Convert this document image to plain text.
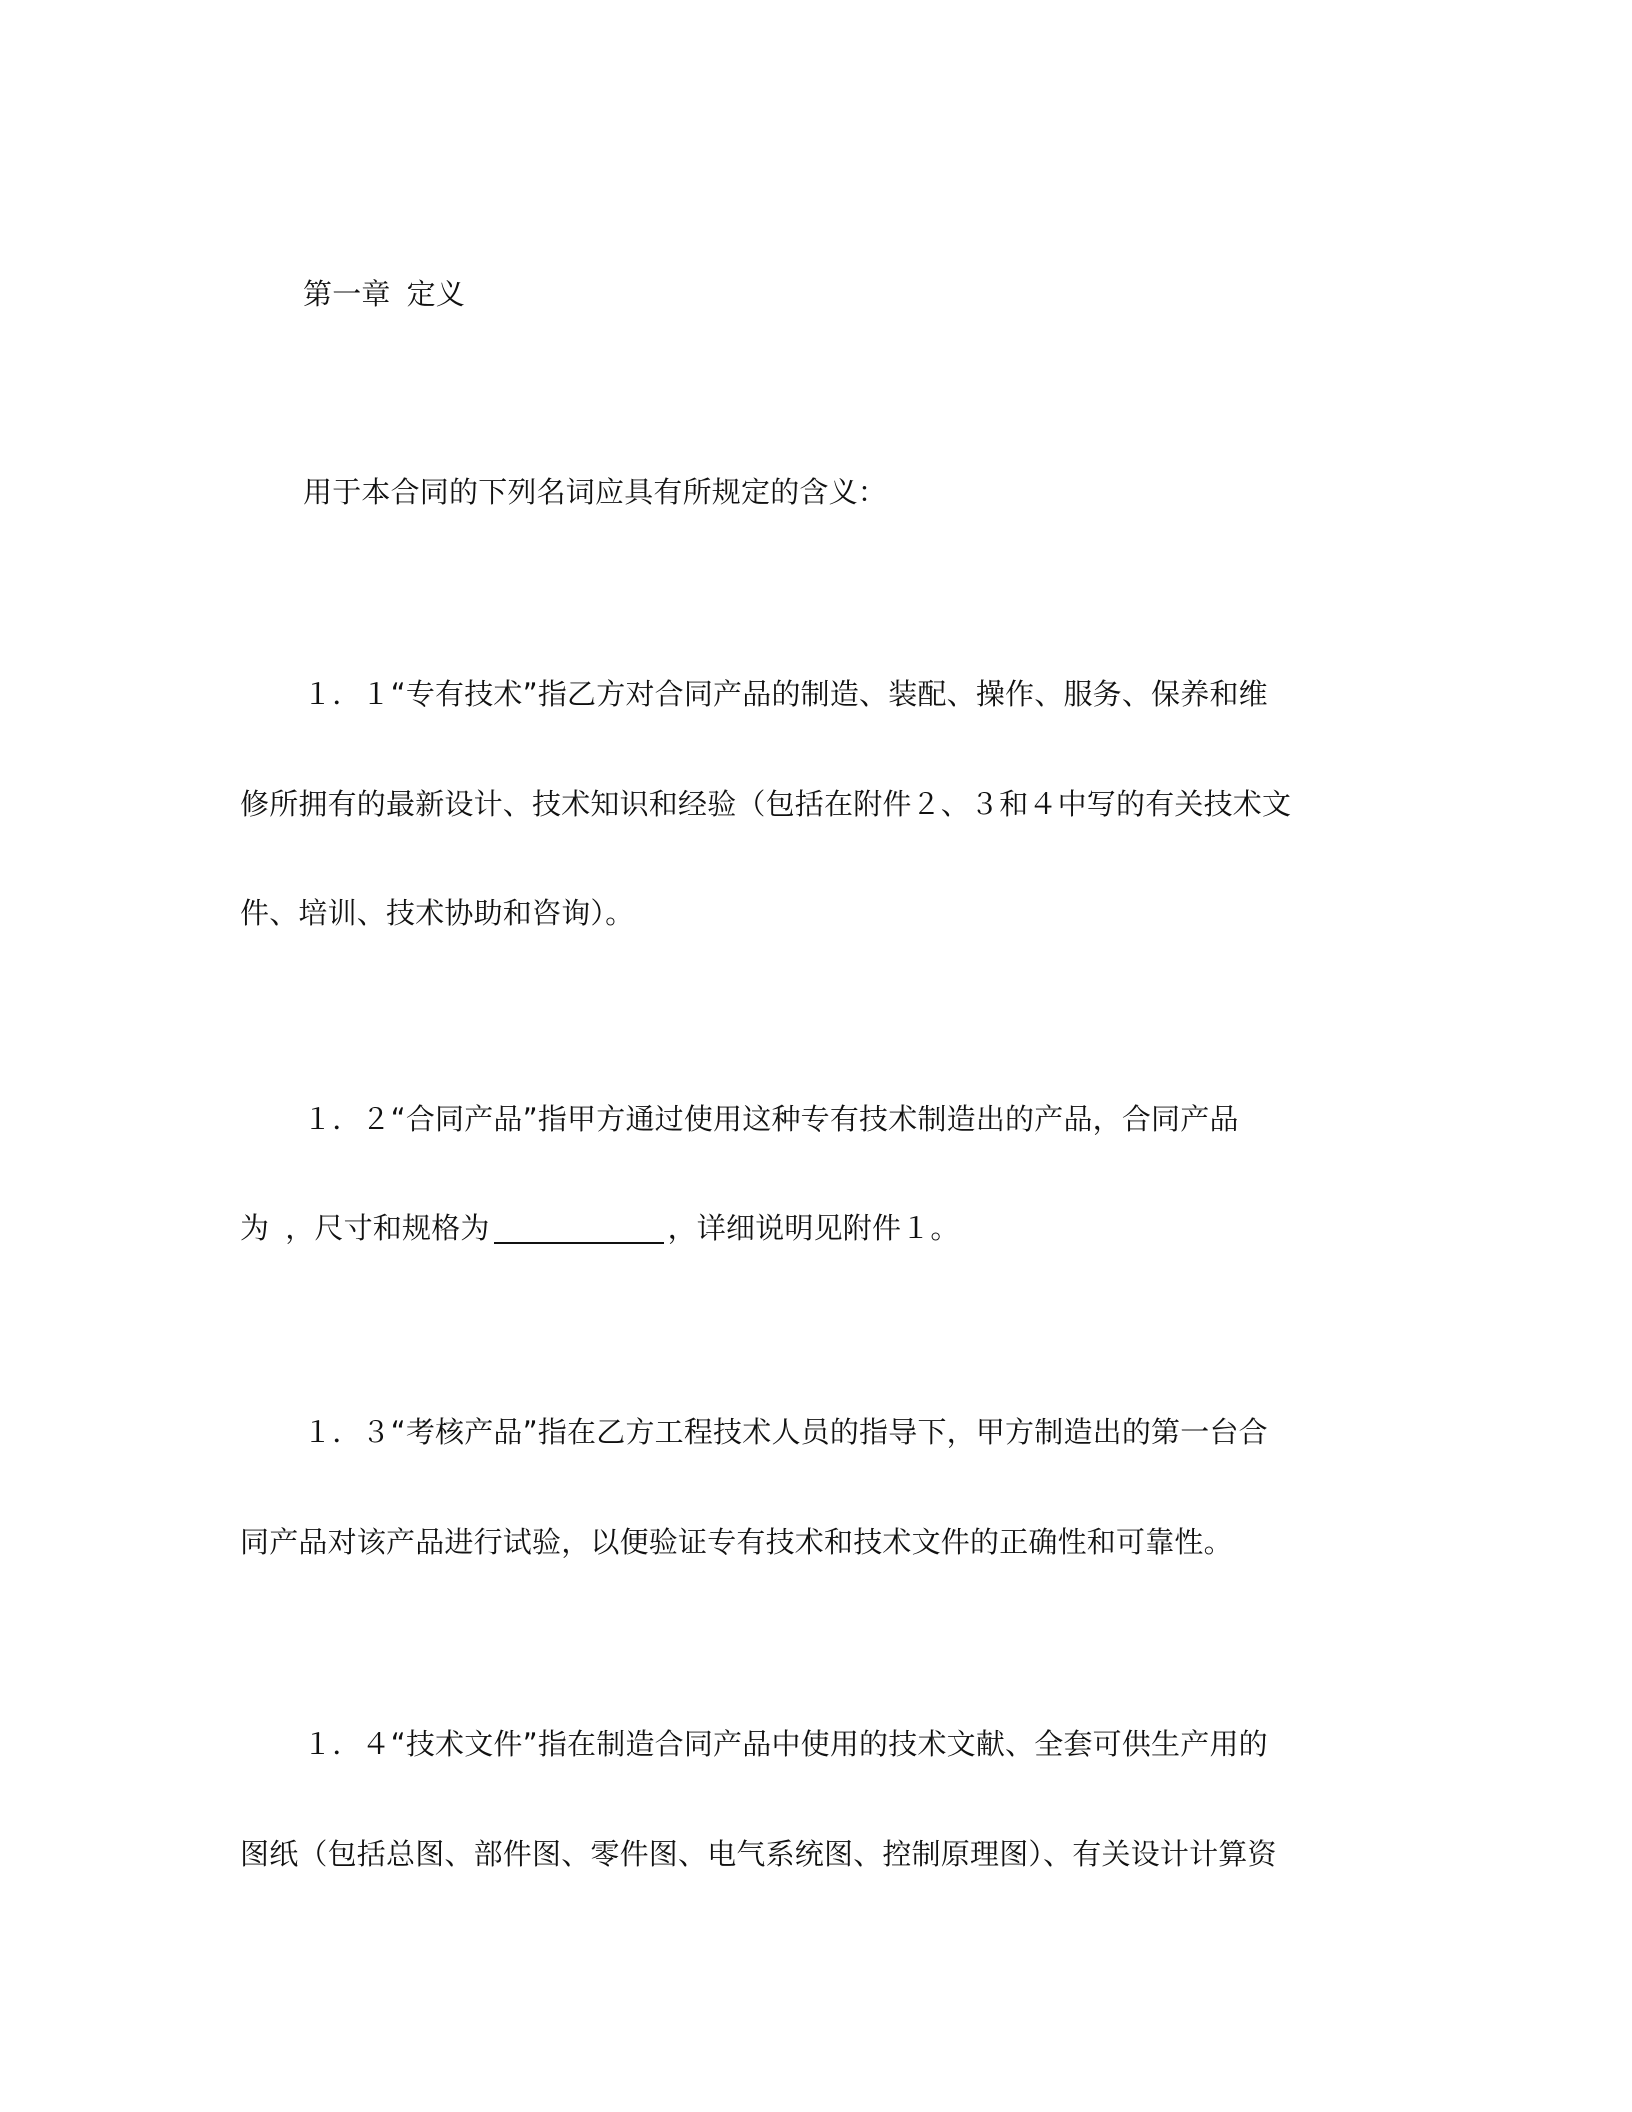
第一章 定义
用于本合同的下列名词应具有所规定的含义：
１．１“专有技术”指乙方对合同产品的制造、装配、操作、服务、保养和维
修所拥有的最新设计、技术知识和经验（包括在附件２、３和４中写的有关技术文
件、培训、技术协助和咨询）。
１．２“合同产品”指甲方通过使用这种专有技术制造出的产品，合同产品
为 ，尺寸和规格为	，详细说明见附件１。
１．３“考核产品”指在乙方工程技术人员的指导下，甲方制造出的第一台合
同产品对该产品进行试验，以便验证专有技术和技术文件的正确性和可靠性。
１．４“技术文件”指在制造合同产品中使用的技术文献、全套可供生产用的
图纸（包括总图、部件图、零件图、电气系统图、控制原理图）、有关设计计算资
